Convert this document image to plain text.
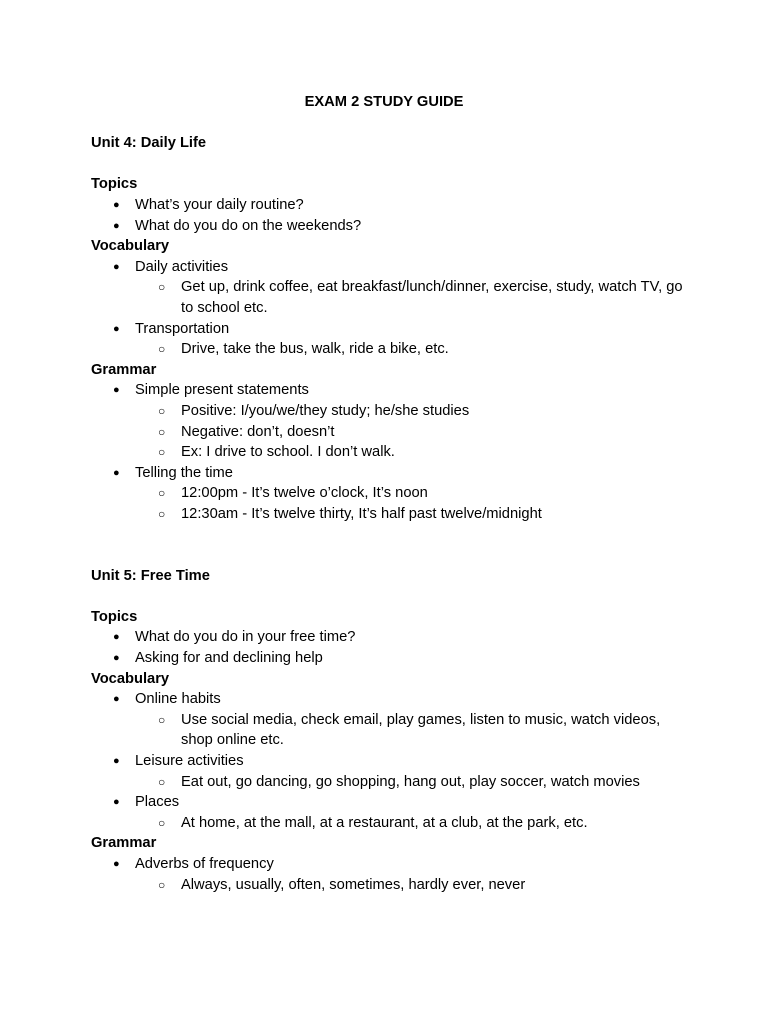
EXAM 2 STUDY GUIDE
Unit 4: Daily Life
Topics
● What’s your daily routine?
● What do you do on the weekends?
Vocabulary
● Daily activities
○ Get up, drink coffee, eat breakfast/lunch/dinner, exercise, study, watch TV, go to school etc.
● Transportation
○ Drive, take the bus, walk, ride a bike, etc.
Grammar
● Simple present statements
○ Positive: I/you/we/they study; he/she studies
○ Negative: don’t, doesn’t
○ Ex: I drive to school. I don’t walk.
● Telling the time
○ 12:00pm - It’s twelve o’clock, It’s noon
○ 12:30am - It’s twelve thirty, It’s half past twelve/midnight
Unit 5: Free Time
Topics
● What do you do in your free time?
● Asking for and declining help
Vocabulary
● Online habits
○ Use social media, check email, play games, listen to music, watch videos, shop online etc.
● Leisure activities
○ Eat out, go dancing, go shopping, hang out, play soccer, watch movies
● Places
○ At home, at the mall, at a restaurant, at a club, at the park, etc.
Grammar
● Adverbs of frequency
○ Always, usually, often, sometimes, hardly ever, never
